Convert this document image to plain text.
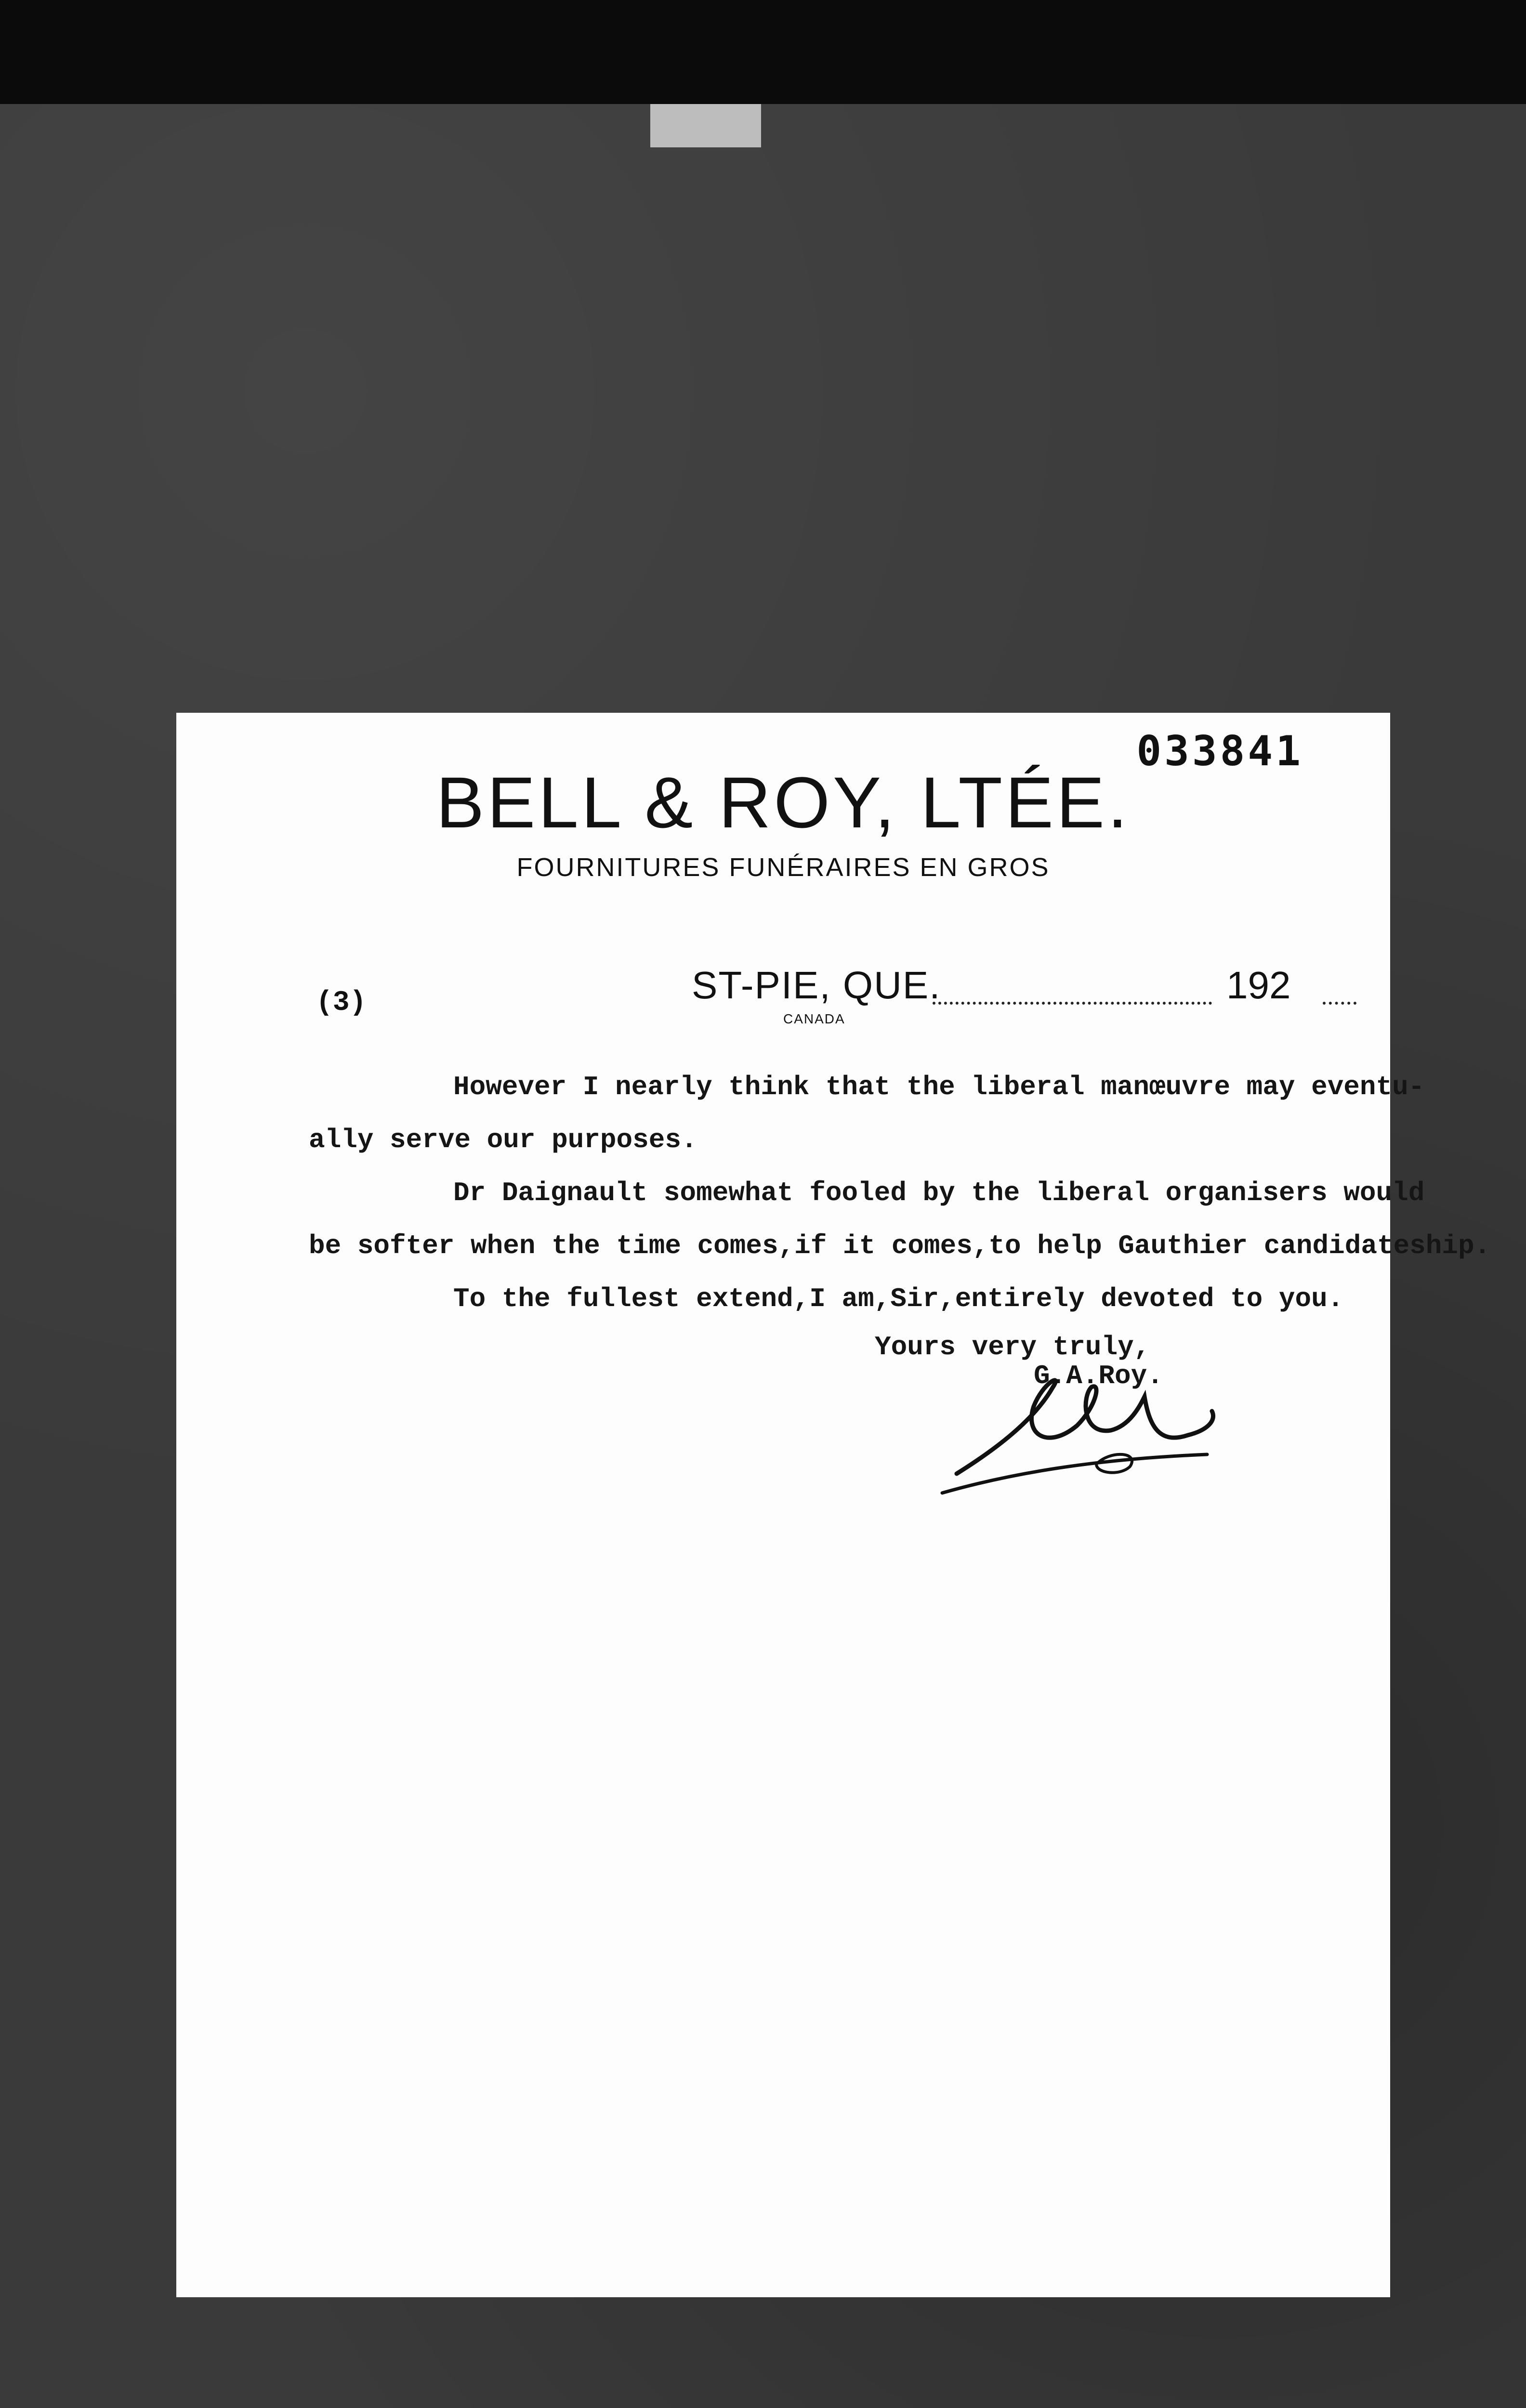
033841
BELL & ROY, LTÉE.
FOURNITURES FUNÉRAIRES EN GROS
(3)	ST-PIE, QUE.
CANADA
192
However I nearly think that the liberal manœuvre may eventu-
ally serve our purposes.
Dr Daignault somewhat fooled by the liberal organisers would
be softer when the time comes,if it comes,to help Gauthier candidateship.
To the fullest extend,I am,Sir,entirely devoted to you.
Yours very truly,
G.A.Roy.
